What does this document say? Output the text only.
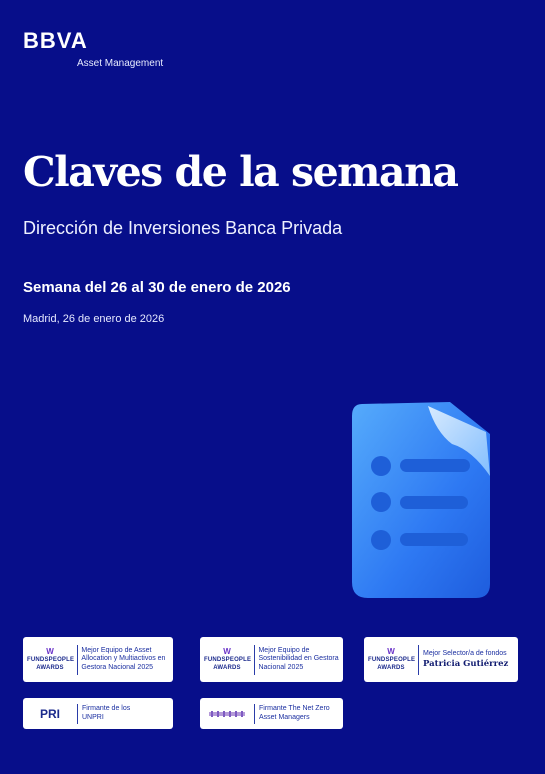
BBVA
Asset Management
Claves de la semana
Dirección de Inversiones Banca Privada
Semana del 26 al 30 de enero de 2026
Madrid, 26 de enero de 2026
W
FUNDSPEOPLE AWARDS
Mejor Equipo de Asset Allocation y Multiactivos en Gestora Nacional 2025
W
FUNDSPEOPLE AWARDS
Mejor Equipo de Sostenibilidad en Gestora Nacional 2025
W
FUNDSPEOPLE AWARDS
Mejor Selector/a de fondos
Patricia Gutiérrez
PRI	Firmante de los UNPRI
Firmante The Net Zero Asset Managers
